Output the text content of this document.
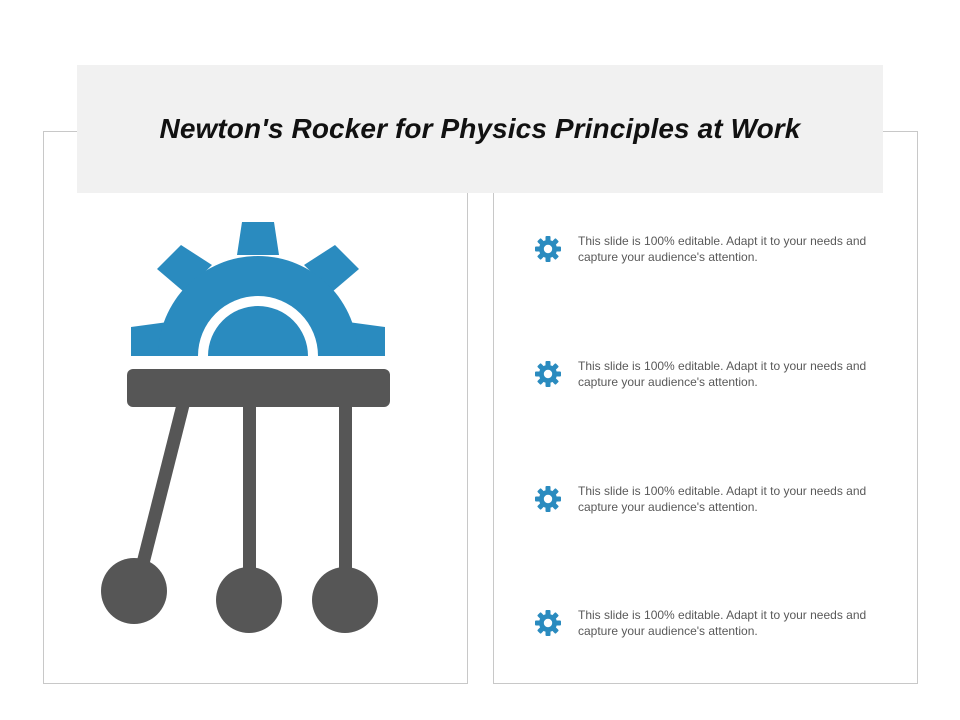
Newton's Rocker for Physics Principles at Work
This slide is 100% editable. Adapt it to your needs and capture your audience's attention.
This slide is 100% editable. Adapt it to your needs and capture your audience's attention.
This slide is 100% editable. Adapt it to your needs and capture your audience's attention.
This slide is 100% editable. Adapt it to your needs and capture your audience's attention.
